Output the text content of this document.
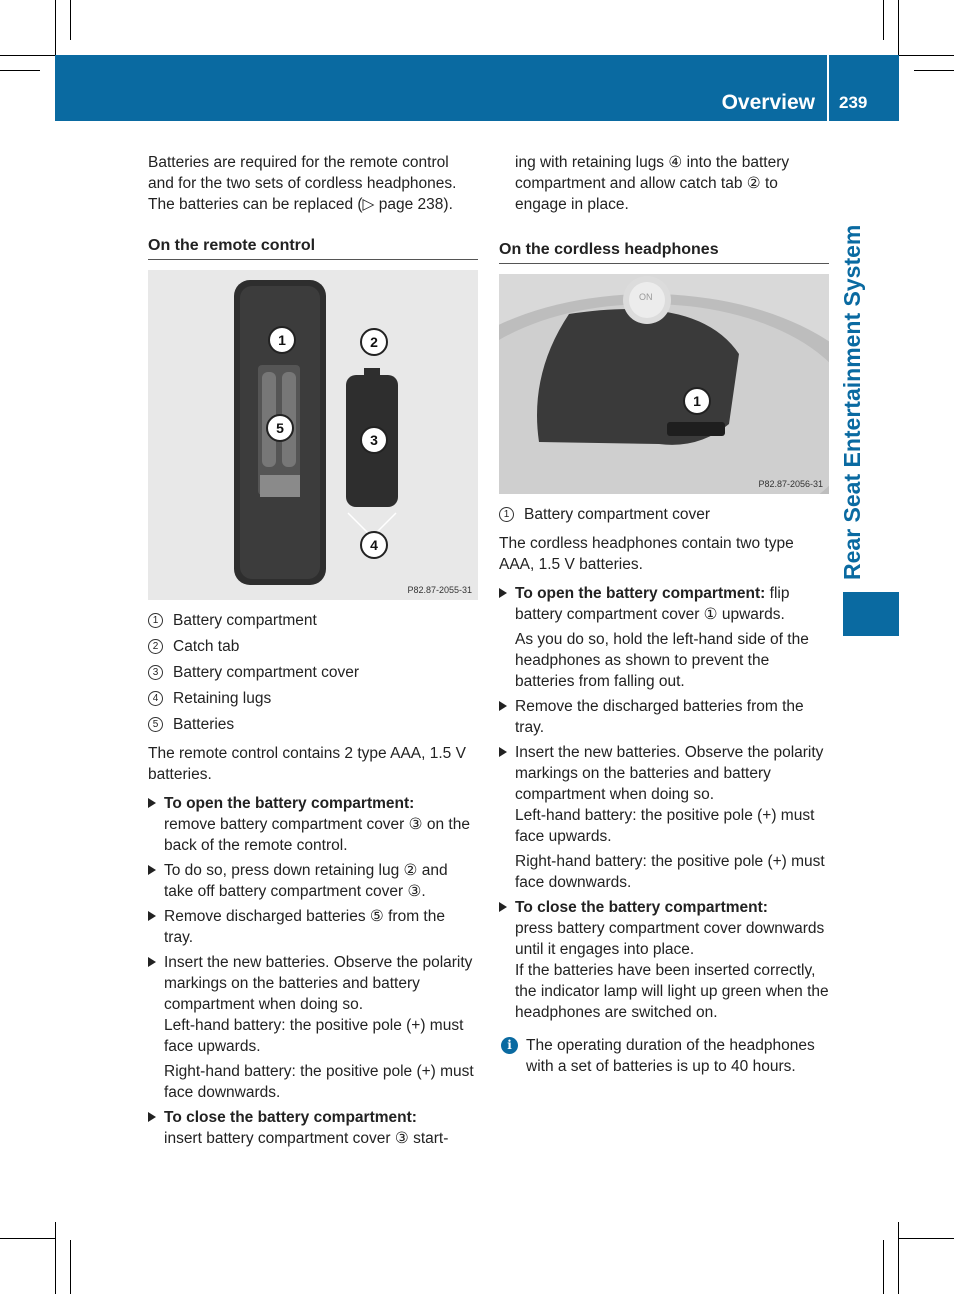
Overview 239
Rear Seat Entertainment System

Batteries are required for the remote control and for the two sets of cordless headphones. The batteries can be replaced (▷ page 238).

On the remote control
1	2
3
4
5
P82.87-2055-31
1 Battery compartment
2 Catch tab
3 Battery compartment cover
4 Retaining lugs
5 Batteries

The remote control contains 2 type AAA, 1.5 V batteries.

To open the battery compartment:
remove battery compartment cover ③ on the back of the remote control.
To do so, press down retaining lug ② and take off battery compartment cover ③.
Remove discharged batteries ⑤ from the tray.
Insert the new batteries. Observe the polarity markings on the batteries and battery compartment when doing so.
Left-hand battery: the positive pole (+) must face upwards.
Right-hand battery: the positive pole (+) must face downwards.
To close the battery compartment:
insert battery compartment cover ③ start-
ing with retaining lugs ④ into the battery compartment and allow catch tab ② to engage in place.
On the cordless headphones
ON
1
P82.87-2056-31
1 Battery compartment cover

The cordless headphones contain two type AAA, 1.5 V batteries.

To open the battery compartment: flip battery compartment cover ① upwards.
As you do so, hold the left-hand side of the headphones as shown to prevent the batteries from falling out.
Remove the discharged batteries from the tray.
Insert the new batteries. Observe the polarity markings on the batteries and battery compartment when doing so.
Left-hand battery: the positive pole (+) must face upwards.
Right-hand battery: the positive pole (+) must face downwards.
To close the battery compartment:
press battery compartment cover downwards until it engages into place.
If the batteries have been inserted correctly, the indicator lamp will light up green when the headphones are switched on.
i The operating duration of the headphones with a set of batteries is up to 40 hours.
